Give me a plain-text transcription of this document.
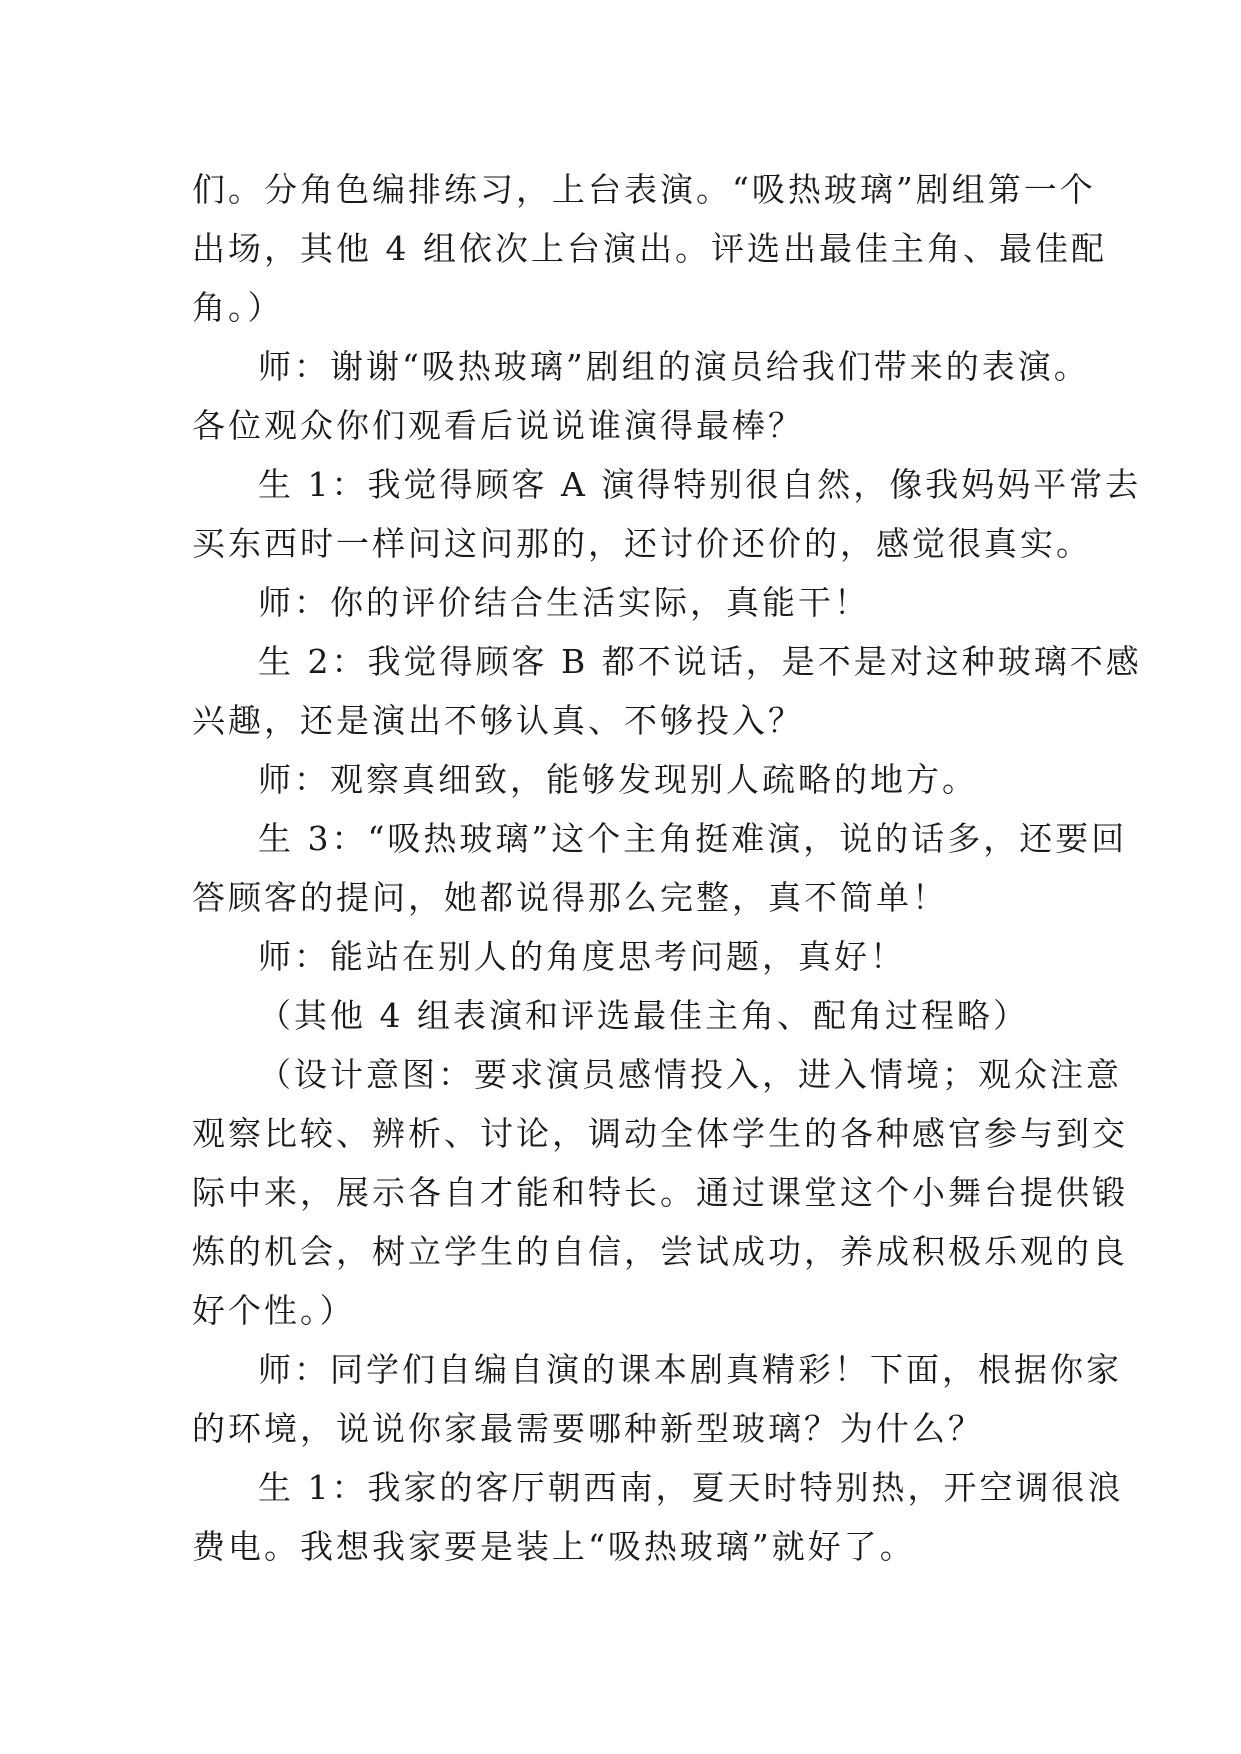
们。分角色编排练习，上台表演。“吸热玻璃”剧组第一个
出场，其他 4 组依次上台演出。评选出最佳主角、最佳配
角。）
师：谢谢“吸热玻璃”剧组的演员给我们带来的表演。
各位观众你们观看后说说谁演得最棒？
生 1：我觉得顾客 A 演得特别很自然，像我妈妈平常去
买东西时一样问这问那的，还讨价还价的，感觉很真实。
师：你的评价结合生活实际，真能干！
生 2：我觉得顾客 B 都不说话，是不是对这种玻璃不感
兴趣，还是演出不够认真、不够投入？
师：观察真细致，能够发现别人疏略的地方。
生 3：“吸热玻璃”这个主角挺难演，说的话多，还要回
答顾客的提问，她都说得那么完整，真不简单！
师：能站在别人的角度思考问题，真好！
（其他 4 组表演和评选最佳主角、配角过程略）
（设计意图：要求演员感情投入，进入情境；观众注意
观察比较、辨析、讨论，调动全体学生的各种感官参与到交
际中来，展示各自才能和特长。通过课堂这个小舞台提供锻
炼的机会，树立学生的自信，尝试成功，养成积极乐观的良
好个性。）
师：同学们自编自演的课本剧真精彩！下面，根据你家
的环境，说说你家最需要哪种新型玻璃？为什么？
生 1：我家的客厅朝西南，夏天时特别热，开空调很浪
费电。我想我家要是装上“吸热玻璃”就好了。
